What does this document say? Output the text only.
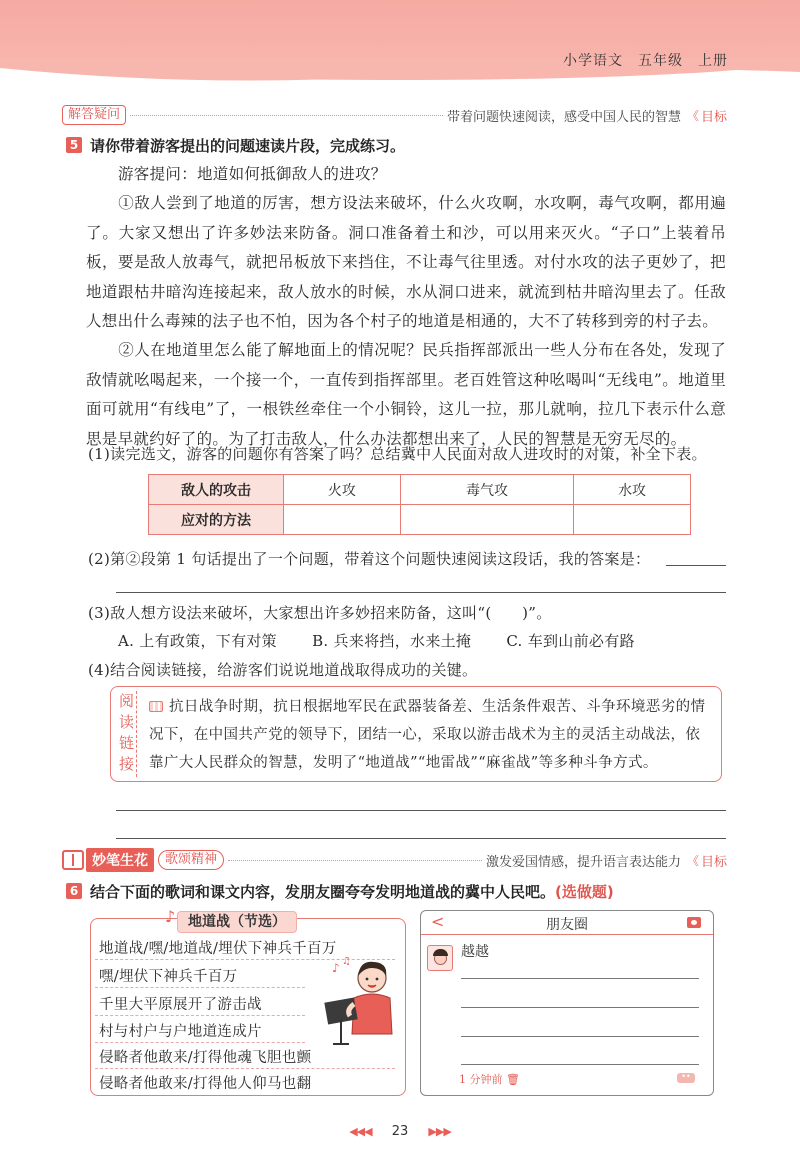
小学语文　五年级　上册
解答疑问	带着问题快速阅读，感受中国人民的智慧 《 目标
5 请你带着游客提出的问题速读片段，完成练习。
游客提问：地道如何抵御敌人的进攻？
①敌人尝到了地道的厉害，想方设法来破坏，什么火攻啊，水攻啊，毒气攻啊，都用遍了。大家又想出了许多妙法来防备。洞口准备着土和沙，可以用来灭火。“子口”上装着吊板，要是敌人放毒气，就把吊板放下来挡住，不让毒气往里透。对付水攻的法子更妙了，把地道跟枯井暗沟连接起来，敌人放水的时候，水从洞口进来，就流到枯井暗沟里去了。任敌人想出什么毒辣的法子也不怕，因为各个村子的地道是相通的，大不了转移到旁的村子去。
②人在地道里怎么能了解地面上的情况呢？民兵指挥部派出一些人分布在各处，发现了敌情就吆喝起来，一个接一个，一直传到指挥部里。老百姓管这种吆喝叫“无线电”。地道里面可就用“有线电”了，一根铁丝牵住一个小铜铃，这儿一拉，那儿就响，拉几下表示什么意思是早就约好了的。为了打击敌人，什么办法都想出来了，人民的智慧是无穷无尽的。
(1)读完选文，游客的问题你有答案了吗？总结冀中人民面对敌人进攻时的对策，补全下表。
敌人的攻击	火攻	毒气攻	水攻
应对的方法			
(2)第②段第 1 句话提出了一个问题，带着这个问题快速阅读这段话，我的答案是：
(3)敌人想方设法来破坏，大家想出许多妙招来防备，这叫“(　　)”。
A. 上有政策，下有对策 B. 兵来将挡，水来土掩 C. 车到山前必有路
(4)结合阅读链接，给游客们说说地道战取得成功的关键。
阅
读
链
接
抗日战争时期，抗日根据地军民在武器装备差、生活条件艰苦、斗争环境恶劣的情况下，在中国共产党的领导下，团结一心，采取以游击战术为主的灵活主动战法，依靠广大人民群众的智慧，发明了“地道战”“地雷战”“麻雀战”等多种斗争方式。
妙笔生花	歌颂精神	激发爱国情感，提升语言表达能力 《 目标
6 结合下面的歌词和课文内容，发朋友圈夸夸发明地道战的冀中人民吧。(选做题)
♪ 地道战（节选）
地道战/嘿/地道战/埋伏下神兵千百万
嘿/埋伏下神兵千百万
千里大平原展开了游击战
村与村户与户地道连成片
侵略者他敢来/打得他魂飞胆也颤
侵略者他敢来/打得他人仰马也翻
♪ ♫
<	朋友圈
越越
1 分钟前 🗑	••
◀◀◀ 23 ▶▶▶
